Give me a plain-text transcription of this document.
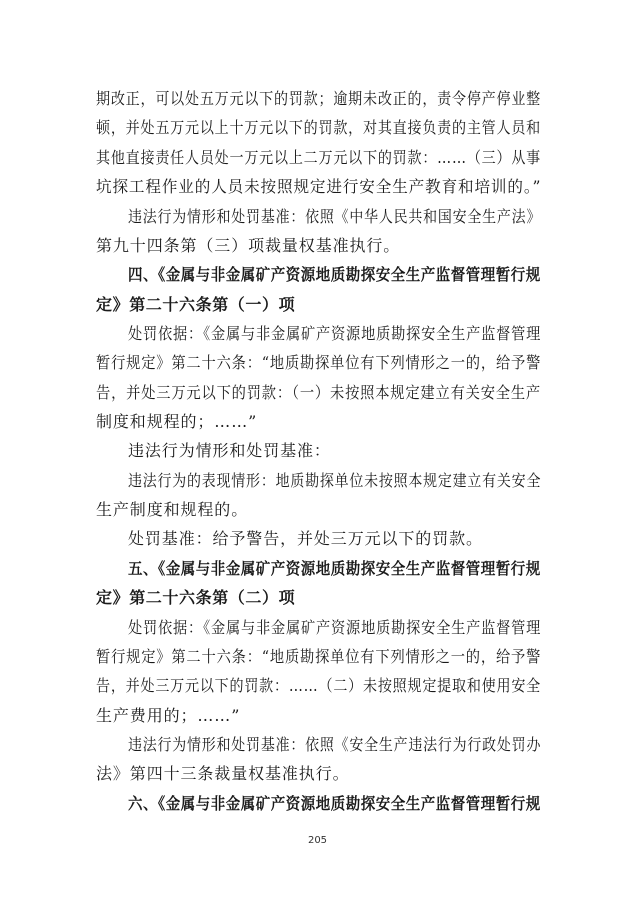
期改正，可以处五万元以下的罚款；逾期未改正的，责令停产停业整
顿，并处五万元以上十万元以下的罚款，对其直接负责的主管人员和
其他直接责任人员处一万元以上二万元以下的罚款：……（三）从事
坑探工程作业的人员未按照规定进行安全生产教育和培训的。”
违法行为情形和处罚基准：依照《中华人民共和国安全生产法》
第九十四条第（三）项裁量权基准执行。
四、《金属与非金属矿产资源地质勘探安全生产监督管理暂行规
定》第二十六条第（一）项
处罚依据：《金属与非金属矿产资源地质勘探安全生产监督管理
暂行规定》第二十六条：“地质勘探单位有下列情形之一的，给予警
告，并处三万元以下的罚款：（一）未按照本规定建立有关安全生产
制度和规程的；……”
违法行为情形和处罚基准：
违法行为的表现情形：地质勘探单位未按照本规定建立有关安全
生产制度和规程的。
处罚基准：给予警告，并处三万元以下的罚款。
五、《金属与非金属矿产资源地质勘探安全生产监督管理暂行规
定》第二十六条第（二）项
处罚依据：《金属与非金属矿产资源地质勘探安全生产监督管理
暂行规定》第二十六条：“地质勘探单位有下列情形之一的，给予警
告，并处三万元以下的罚款：……（二）未按照规定提取和使用安全
生产费用的；……”
违法行为情形和处罚基准：依照《安全生产违法行为行政处罚办
法》第四十三条裁量权基准执行。
六、《金属与非金属矿产资源地质勘探安全生产监督管理暂行规
205
